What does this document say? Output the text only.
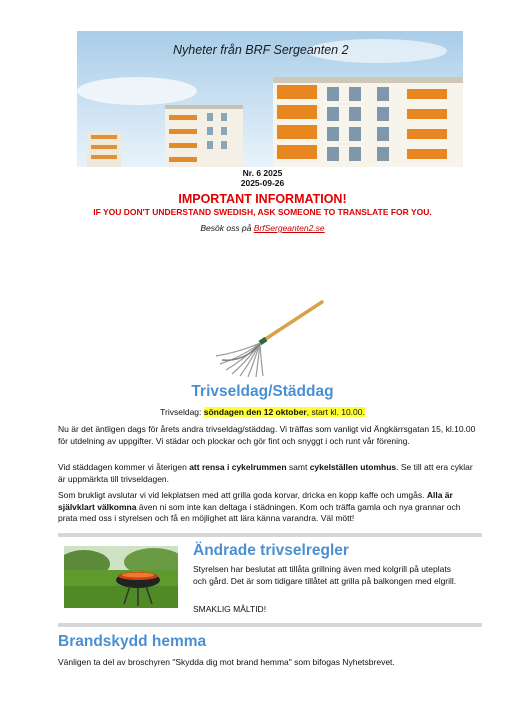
Nyheter från BRF Sergeanten 2
Nr. 6 2025
2025-09-26
IMPORTANT INFORMATION!
IF YOU DON'T UNDERSTAND SWEDISH, ASK SOMEONE TO TRANSLATE FOR YOU.
Besök oss på BrfSergeanten2.se
Trivseldag/Städdag
Trivseldag: söndagen den 12 oktober, start kl. 10.00.
Nu är det äntligen dags för årets andra trivseldag/städdag. Vi träffas som vanligt vid Ängkärrsgatan 15, kl.10.00 för utdelning av uppgifter. Vi städar och plockar och gör fint och snyggt i och runt vår förening.
Vid städdagen kommer vi återigen att rensa i cykelrummen samt cykelställen utomhus. Se till att era cyklar är uppmärkta till trivseldagen.
Som brukligt avslutar vi vid lekplatsen med att grilla goda korvar, dricka en kopp kaffe och umgås. Alla är självklart välkomna även ni som inte kan deltaga i städningen. Kom och träffa gamla och nya grannar och prata med oss i styrelsen och få en möjlighet att lära känna varandra. Väl mött!
Ändrade trivselregler
Styrelsen har beslutat att tillåta grillning även med kolgrill på uteplats och gård. Det är som tidigare tillåtet att grilla på balkongen med elgrill.
SMAKLIG MÅLTID!
Brandskydd hemma
Vänligen ta del av broschyren "Skydda dig mot brand hemma" som bifogas Nyhetsbrevet.
